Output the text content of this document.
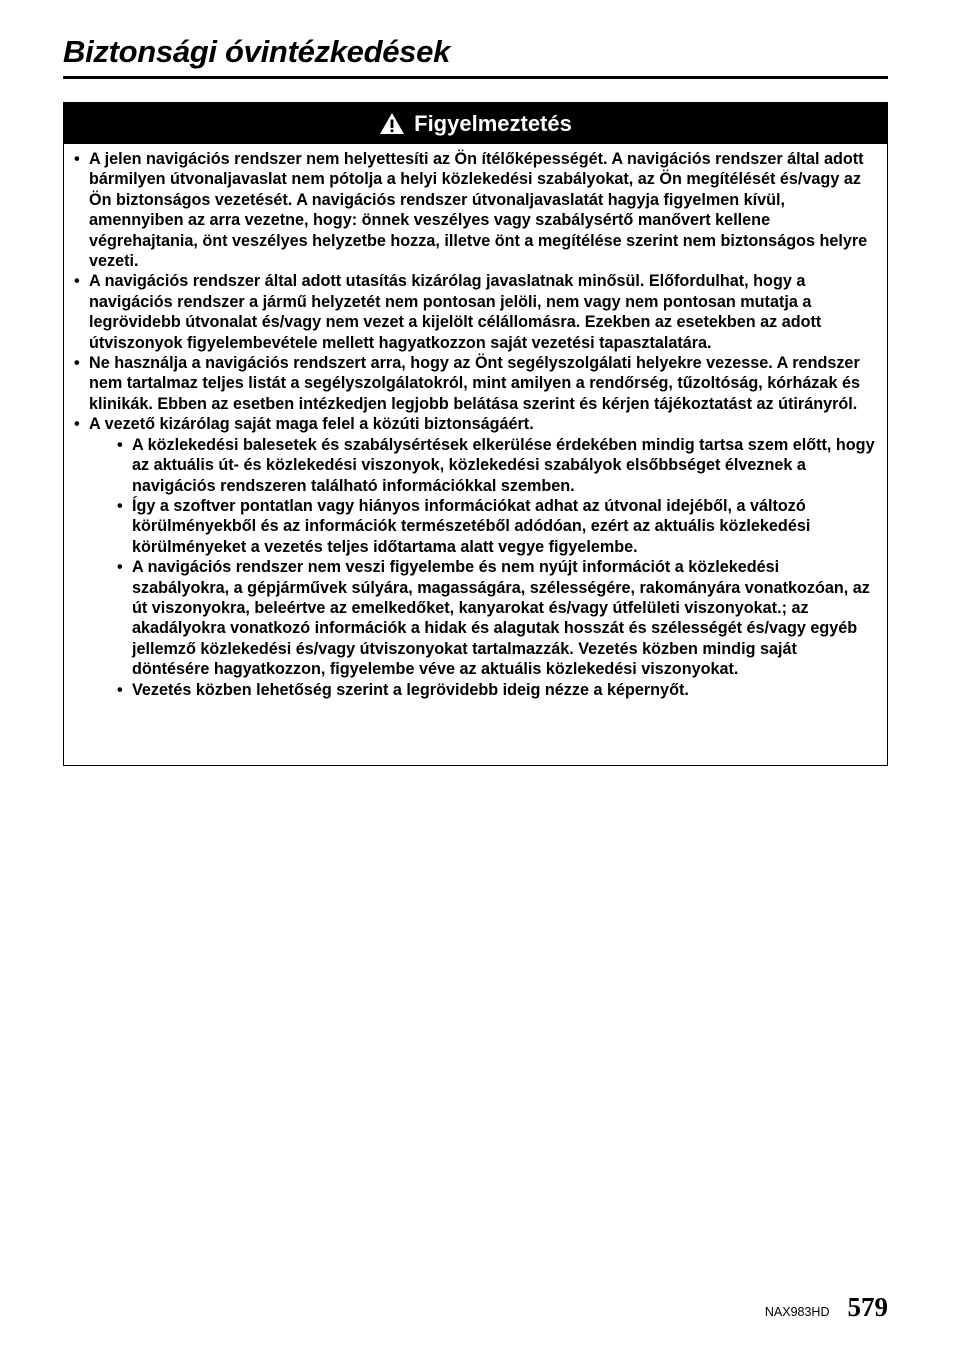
Biztonsági óvintézkedések
Figyelmeztetés
• A jelen navigációs rendszer nem helyettesíti az Ön ítélőképességét. A navigációs rendszer által adott bármilyen útvonaljavaslat nem pótolja a helyi közlekedési szabályokat, az Ön megítélését és/vagy az Ön biztonságos vezetését. A navigációs rendszer útvonaljavaslatát hagyja figyelmen kívül, amennyiben az arra vezetne, hogy: önnek veszélyes vagy szabálysértő manővert kellene végrehajtania, önt veszélyes helyzetbe hozza, illetve önt a megítélése szerint nem biztonságos helyre vezeti.
• A navigációs rendszer által adott utasítás kizárólag javaslatnak minősül. Előfordulhat, hogy a navigációs rendszer a jármű helyzetét nem pontosan jelöli, nem vagy nem pontosan mutatja a legrövidebb útvonalat és/vagy nem vezet a kijelölt célállomásra. Ezekben az esetekben az adott útviszonyok figyelembevétele mellett hagyatkozzon saját vezetési tapasztalatára.
• Ne használja a navigációs rendszert arra, hogy az Önt segélyszolgálati helyekre vezesse. A rendszer nem tartalmaz teljes listát a segélyszolgálatokról, mint amilyen a rendőrség, tűzoltóság, kórházak és klinikák. Ebben az esetben intézkedjen legjobb belátása szerint és kérjen tájékoztatást az útirányról.
• A vezető kizárólag saját maga felel a közúti biztonságáért.
• A közlekedési balesetek és szabálysértések elkerülése érdekében mindig tartsa szem előtt, hogy az aktuális út- és közlekedési viszonyok, közlekedési szabályok elsőbbséget élveznek a navigációs rendszeren található információkkal szemben.
• Így a szoftver pontatlan vagy hiányos információkat adhat az útvonal idejéből, a változó körülményekből és az információk természetéből adódóan, ezért az aktuális közlekedési körülményeket a vezetés teljes időtartama alatt vegye figyelembe.
• A navigációs rendszer nem veszi figyelembe és nem nyújt információt a közlekedési szabályokra, a gépjárművek súlyára, magasságára, szélességére, rakományára vonatkozóan, az út viszonyokra, beleértve az emelkedőket, kanyarokat és/vagy útfelületi viszonyokat.; az akadályokra vonatkozó információk a hidak és alagutak hosszát és szélességét és/vagy egyéb jellemző közlekedési és/vagy útviszonyokat tartalmazzák. Vezetés közben mindig saját döntésére hagyatkozzon, figyelembe véve az aktuális közlekedési viszonyokat.
• Vezetés közben lehetőség szerint a legrövidebb ideig nézze a képernyőt.
NAX983HD 579
